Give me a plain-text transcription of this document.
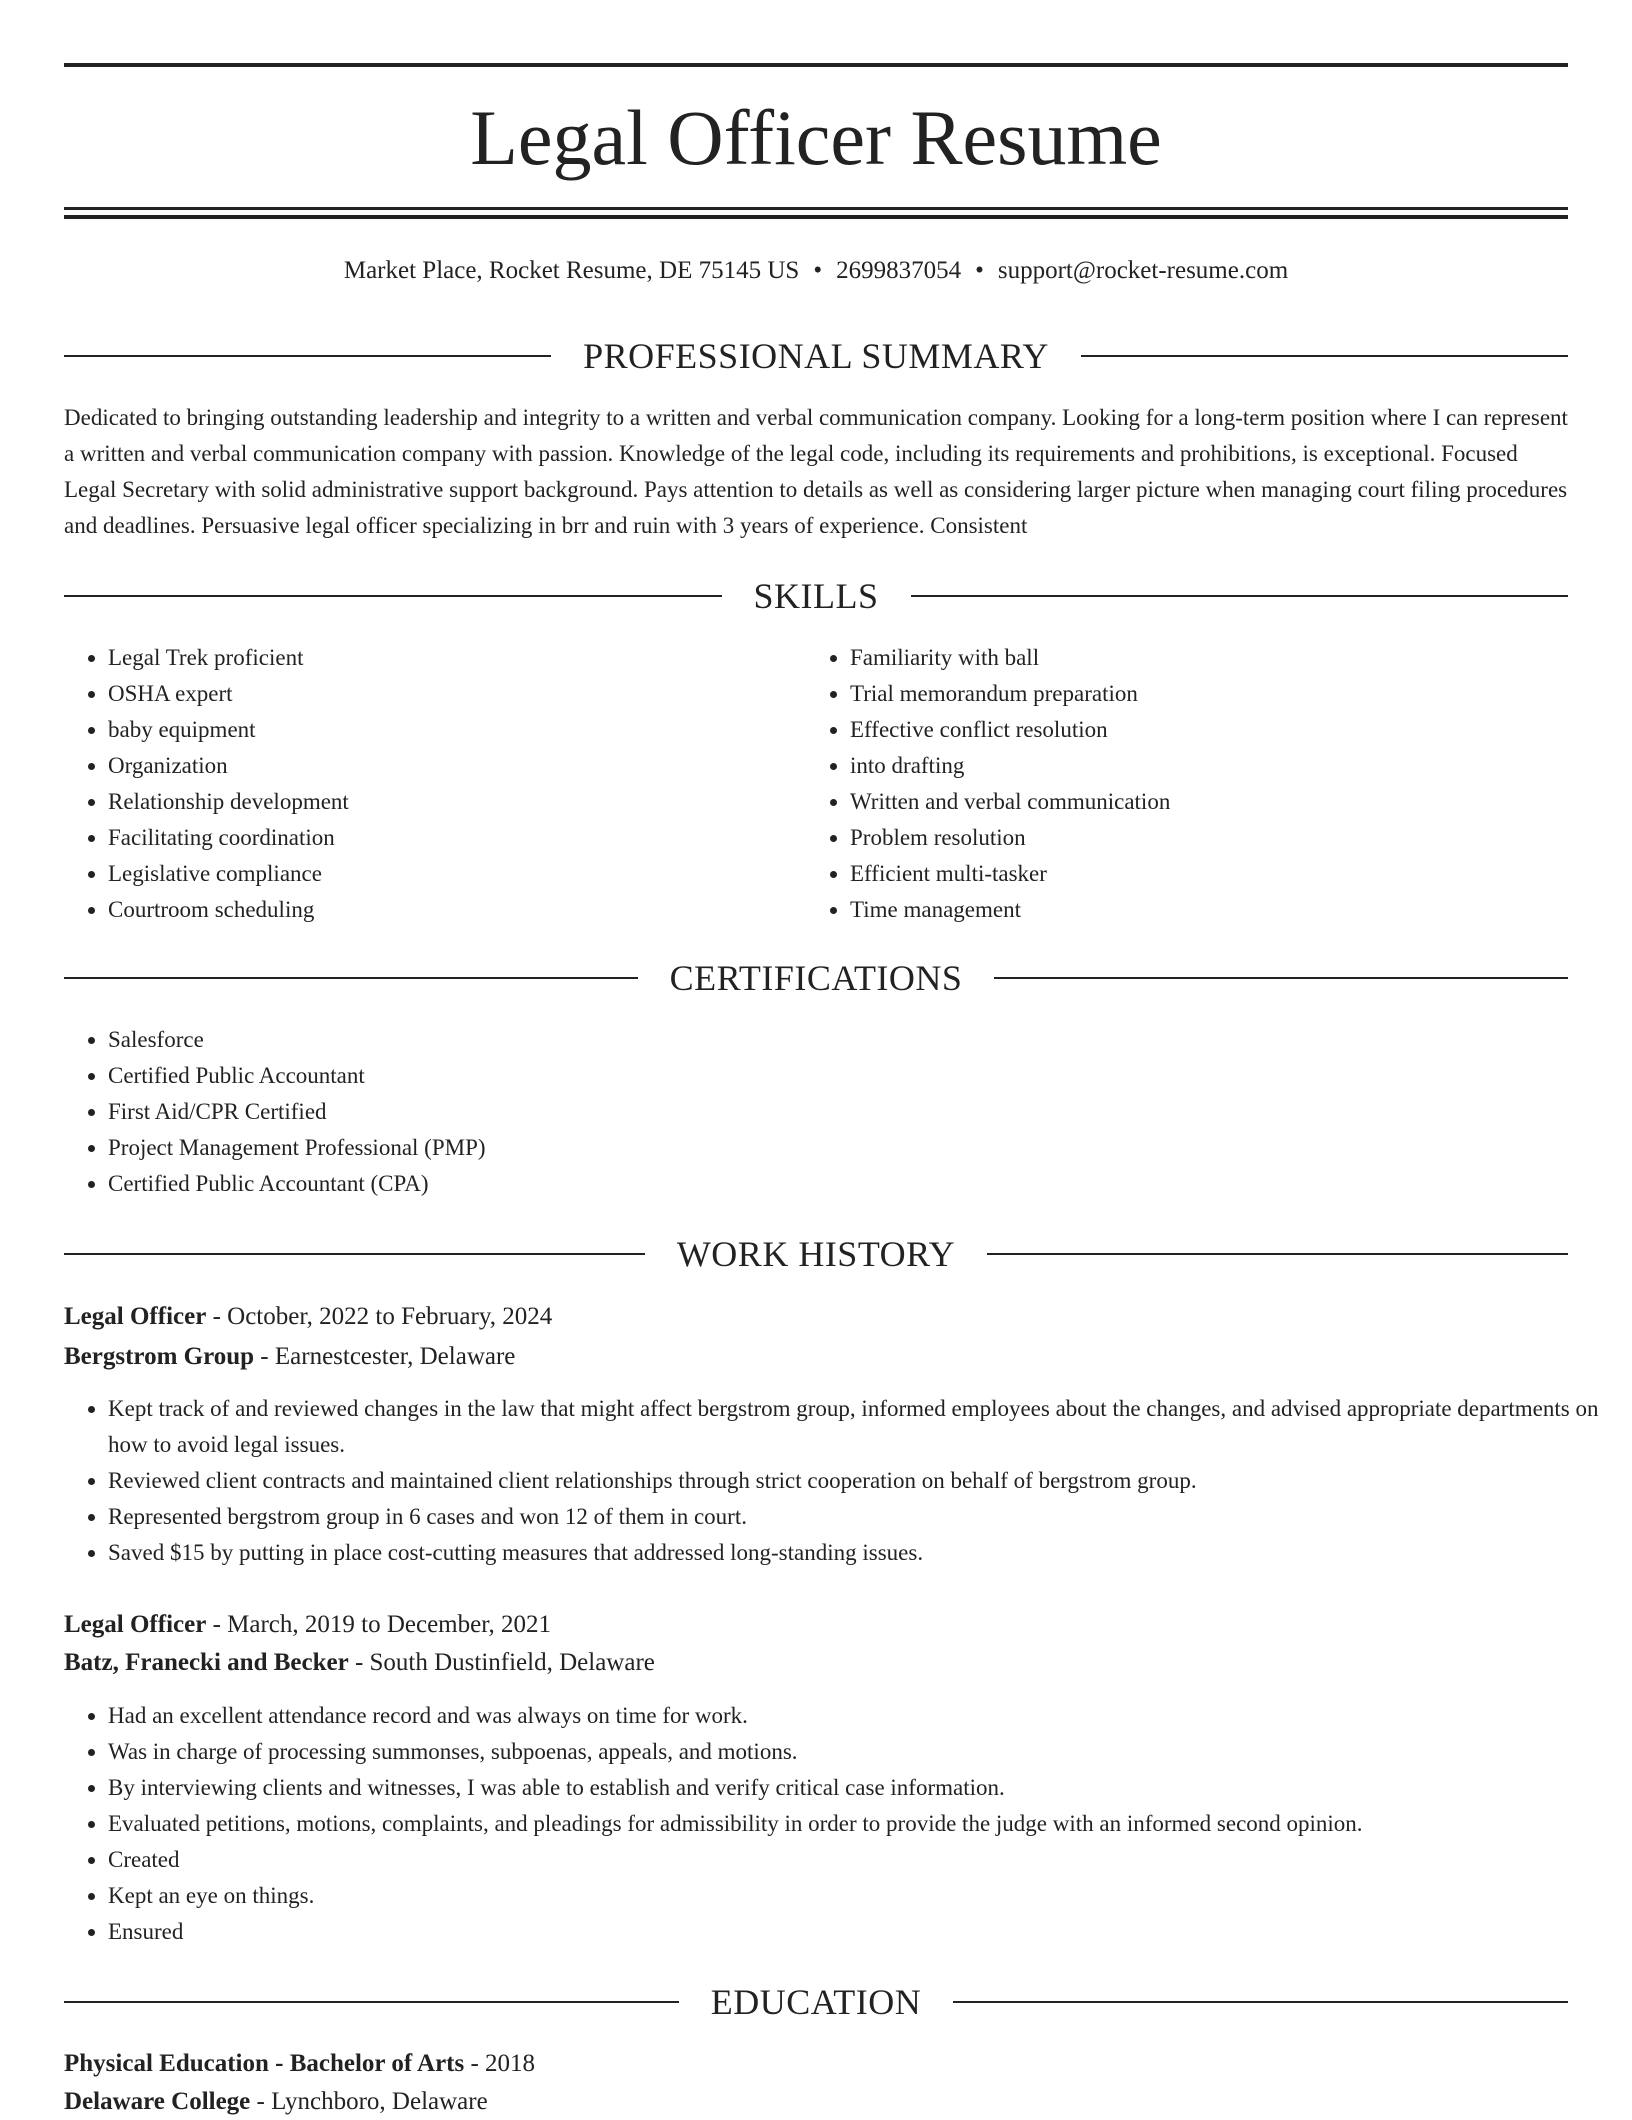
Legal Officer Resume
Market Place, Rocket Resume, DE 75145 US • 2699837054 • support@rocket-resume.com
PROFESSIONAL SUMMARY

Dedicated to bringing outstanding leadership and integrity to a written and verbal communication company. Looking for a long-term position where I can represent a written and verbal communication company with passion. Knowledge of the legal code, including its requirements and prohibitions, is exceptional. Focused Legal Secretary with solid administrative support background. Pays attention to details as well as considering larger picture when managing court filing procedures and deadlines. Persuasive legal officer specializing in brr and ruin with 3 years of experience. Consistent

SKILLS
• Legal Trek proficient
• OSHA expert
• baby equipment
• Organization
• Relationship development
• Facilitating coordination
• Legislative compliance
• Courtroom scheduling
• Familiarity with ball
• Trial memorandum preparation
• Effective conflict resolution
• into drafting
• Written and verbal communication
• Problem resolution
• Efficient multi-tasker
• Time management
CERTIFICATIONS
• Salesforce
• Certified Public Accountant
• First Aid/CPR Certified
• Project Management Professional (PMP)
• Certified Public Accountant (CPA)
WORK HISTORY
Legal Officer - October, 2022 to February, 2024
Bergstrom Group - Earnestcester, Delaware
• Kept track of and reviewed changes in the law that might affect bergstrom group, informed employees about the changes, and advised appropriate departments on how to avoid legal issues.
• Reviewed client contracts and maintained client relationships through strict cooperation on behalf of bergstrom group.
• Represented bergstrom group in 6 cases and won 12 of them in court.
• Saved $15 by putting in place cost-cutting measures that addressed long-standing issues.
Legal Officer - March, 2019 to December, 2021
Batz, Franecki and Becker - South Dustinfield, Delaware
• Had an excellent attendance record and was always on time for work.
• Was in charge of processing summonses, subpoenas, appeals, and motions.
• By interviewing clients and witnesses, I was able to establish and verify critical case information.
• Evaluated petitions, motions, complaints, and pleadings for admissibility in order to provide the judge with an informed second opinion.
• Created
• Kept an eye on things.
• Ensured
EDUCATION
Physical Education - Bachelor of Arts - 2018
Delaware College - Lynchboro, Delaware
